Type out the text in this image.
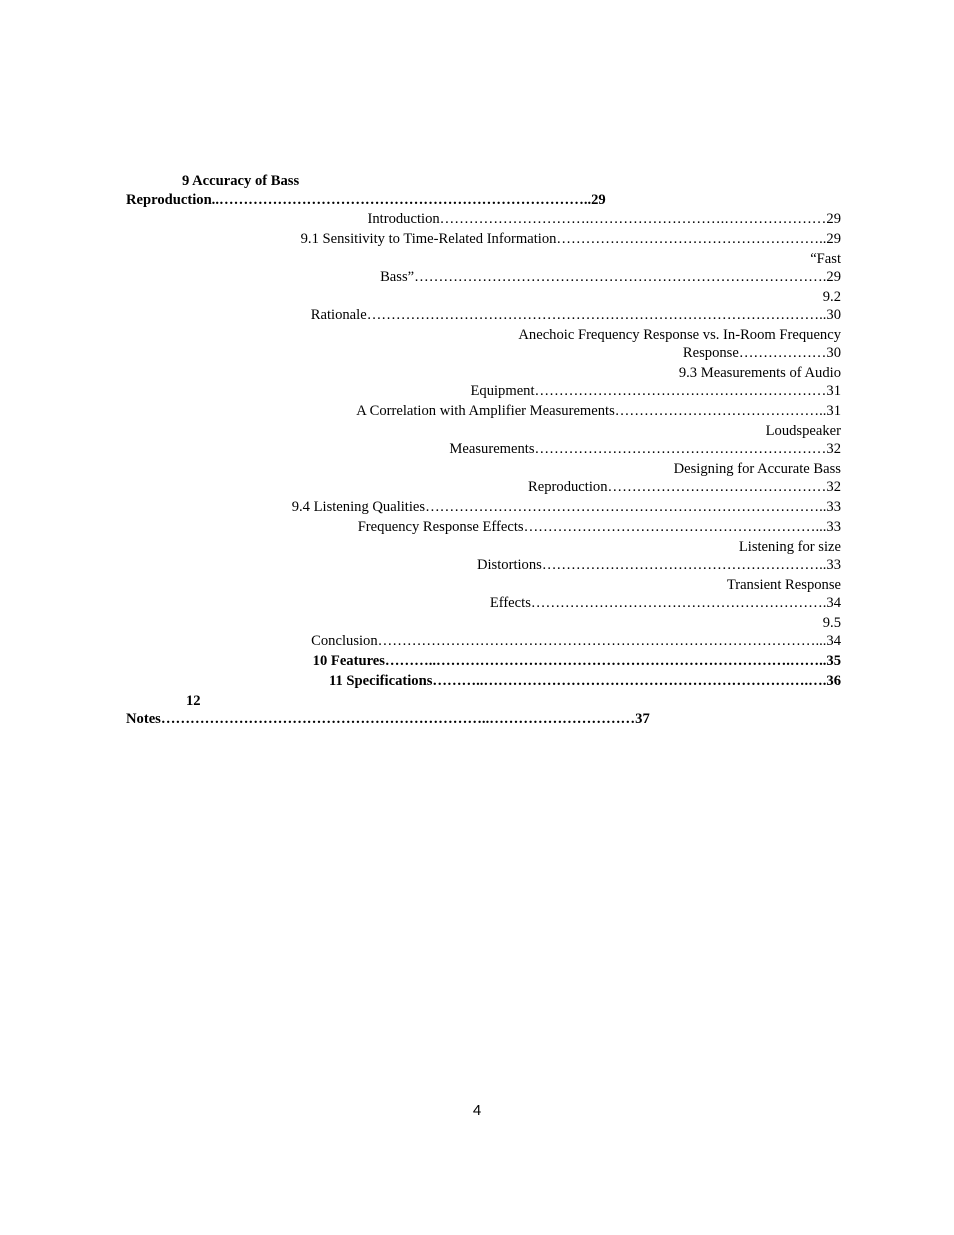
9 Accuracy of Bass
Reproduction..…………………………………………………………………..29
Introduction………………………….……………………….…………………29
9.1 Sensitivity to Time-Related Information………………………………………………..29
“Fast
Bass”………………………………………………………………………….29
9.2
Rationale…………………………………………………………………………………..30
Anechoic Frequency Response vs. In-Room Frequency
Response………………30
9.3 Measurements of Audio
Equipment……………………………………………………31
A Correlation with Amplifier Measurements……………………………………..31
Loudspeaker
Measurements……………………………………………………32
Designing for Accurate Bass
Reproduction………………………………………32
9.4 Listening Qualities………………………………………………………………………..33
Frequency Response Effects……………………………………………………...33
Listening for size
Distortions…………………………………………………..33
Transient Response
Effects…………………………………………………….34
9.5
Conclusion………………………………………………………………………………...34
10 Features………..……………………………………………………………….……..35
11 Specifications………..………………………………………………………….….36
12
Notes…………………………………………………………..…………………………37
4
